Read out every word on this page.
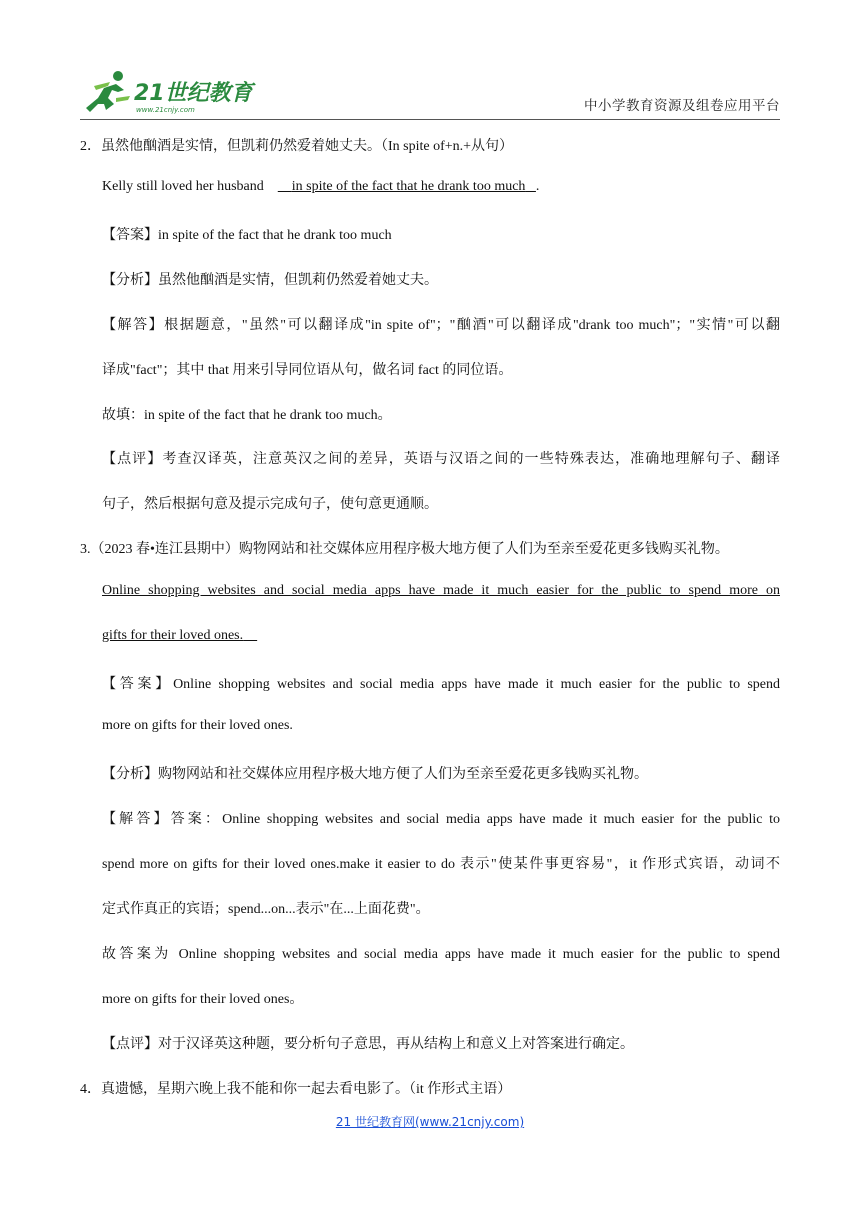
21世纪教育
www.21cnjy.com	中小学教育资源及组卷应用平台
2．虽然他酗酒是实情，但凯莉仍然爱着她丈夫。（In spite of+n.+从句）
Kelly still loved her husband in spite of the fact that he drank too much .
【答案】in spite of the fact that he drank too much
【分析】虽然他酗酒是实情，但凯莉仍然爱着她丈夫。
【解答】根据题意，"虽然"可以翻译成"in spite of"；"酗酒"可以翻译成"drank too much"；"实情"可以翻
译成"fact"；其中 that 用来引导同位语从句，做名词 fact 的同位语。
故填：in spite of the fact that he drank too much。
【点评】考查汉译英，注意英汉之间的差异，英语与汉语之间的一些特殊表达，准确地理解句子、翻译
句子，然后根据句意及提示完成句子，使句意更通顺。
3.（2023 春•连江县期中）购物网站和社交媒体应用程序极大地方便了人们为至亲至爱花更多钱购买礼物。
Online shopping websites and social media apps have made it much easier for the public to spend more on
gifts for their loved ones.
【答案】Online shopping websites and social media apps have made it much easier for the public to spend
more on gifts for their loved ones.
【分析】购物网站和社交媒体应用程序极大地方便了人们为至亲至爱花更多钱购买礼物。
【解答】答案：Online shopping websites and social media apps have made it much easier for the public to
spend more on gifts for their loved ones.make it easier to do 表示"使某件事更容易"，it 作形式宾语，动词不
定式作真正的宾语；spend...on...表示"在...上面花费"。
故答案为 Online shopping websites and social media apps have made it much easier for the public to spend
more on gifts for their loved ones。
【点评】对于汉译英这种题，要分析句子意思，再从结构上和意义上对答案进行确定。
4．真遗憾，星期六晚上我不能和你一起去看电影了。（it 作形式主语）
21 世纪教育网(www.21cnjy.com)
